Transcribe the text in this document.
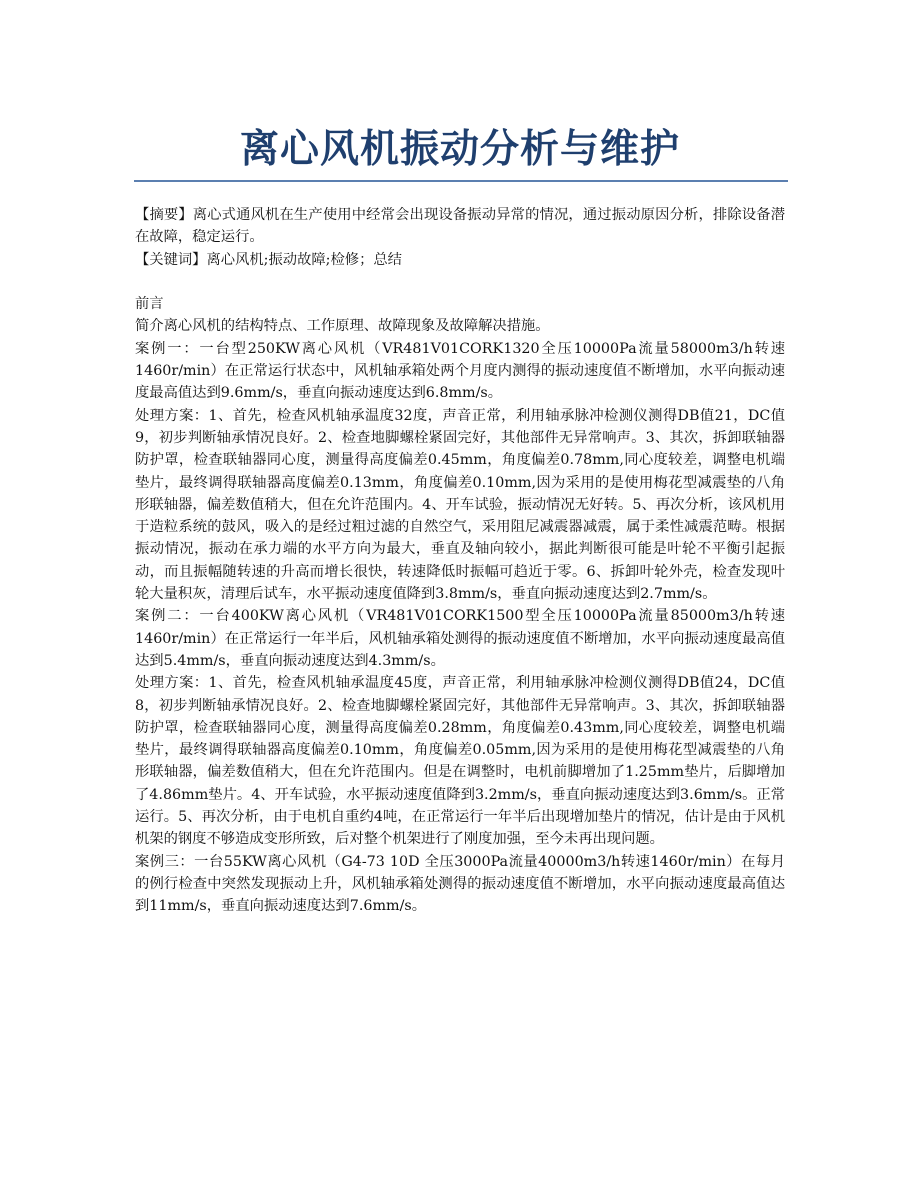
离心风机振动分析与维护

【摘要】离心式通风机在生产使用中经常会出现设备振动异常的情况，通过振动原因分析，排除设备潜在故障，稳定运行。

【关键词】离心风机;振动故障;检修；总结

前言

简介离心风机的结构特点、工作原理、故障现象及故障解决措施。

案例一：一台型250KW离心风机（VR481V01CORK1320全压10000Pa流量58000m3/h转速1460r/min）在正常运行状态中，风机轴承箱处两个月度内测得的振动速度值不断增加，水平向振动速度最高值达到9.6mm/s，垂直向振动速度达到6.8mm/s。

处理方案：1、首先，检查风机轴承温度32度，声音正常，利用轴承脉冲检测仪测得DB值21，DC值9，初步判断轴承情况良好。2、检查地脚螺栓紧固完好，其他部件无异常响声。3、其次，拆卸联轴器防护罩，检查联轴器同心度，测量得高度偏差0.45mm，角度偏差0.78mm,同心度较差，调整电机端垫片，最终调得联轴器高度偏差0.13mm，角度偏差0.10mm,因为采用的是使用梅花型减震垫的八角形联轴器，偏差数值稍大，但在允许范围内。4、开车试验，振动情况无好转。5、再次分析，该风机用于造粒系统的鼓风，吸入的是经过粗过滤的自然空气，采用阻尼减震器减震，属于柔性减震范畴。根据振动情况，振动在承力端的水平方向为最大，垂直及轴向较小，据此判断很可能是叶轮不平衡引起振动，而且振幅随转速的升高而增长很快，转速降低时振幅可趋近于零。6、拆卸叶轮外壳，检查发现叶轮大量积灰，清理后试车，水平振动速度值降到3.8mm/s，垂直向振动速度达到2.7mm/s。

案例二：一台400KW离心风机（VR481V01CORK1500型全压10000Pa流量85000m3/h转速1460r/min）在正常运行一年半后，风机轴承箱处测得的振动速度值不断增加，水平向振动速度最高值达到5.4mm/s，垂直向振动速度达到4.3mm/s。

处理方案：1、首先，检查风机轴承温度45度，声音正常，利用轴承脉冲检测仪测得DB值24，DC值8，初步判断轴承情况良好。2、检查地脚螺栓紧固完好，其他部件无异常响声。3、其次，拆卸联轴器防护罩，检查联轴器同心度，测量得高度偏差0.28mm，角度偏差0.43mm,同心度较差，调整电机端垫片，最终调得联轴器高度偏差0.10mm，角度偏差0.05mm,因为采用的是使用梅花型减震垫的八角形联轴器，偏差数值稍大，但在允许范围内。但是在调整时，电机前脚增加了1.25mm垫片，后脚增加了4.86mm垫片。4、开车试验，水平振动速度值降到3.2mm/s，垂直向振动速度达到3.6mm/s。正常运行。5、再次分析，由于电机自重约4吨，在正常运行一年半后出现增加垫片的情况，估计是由于风机机架的钢度不够造成变形所致，后对整个机架进行了刚度加强，至今未再出现问题。

案例三：一台55KW离心风机（G4-73 10D 全压3000Pa流量40000m3/h转速1460r/min）在每月的例行检查中突然发现振动上升，风机轴承箱处测得的振动速度值不断增加，水平向振动速度最高值达到11mm/s，垂直向振动速度达到7.6mm/s。
